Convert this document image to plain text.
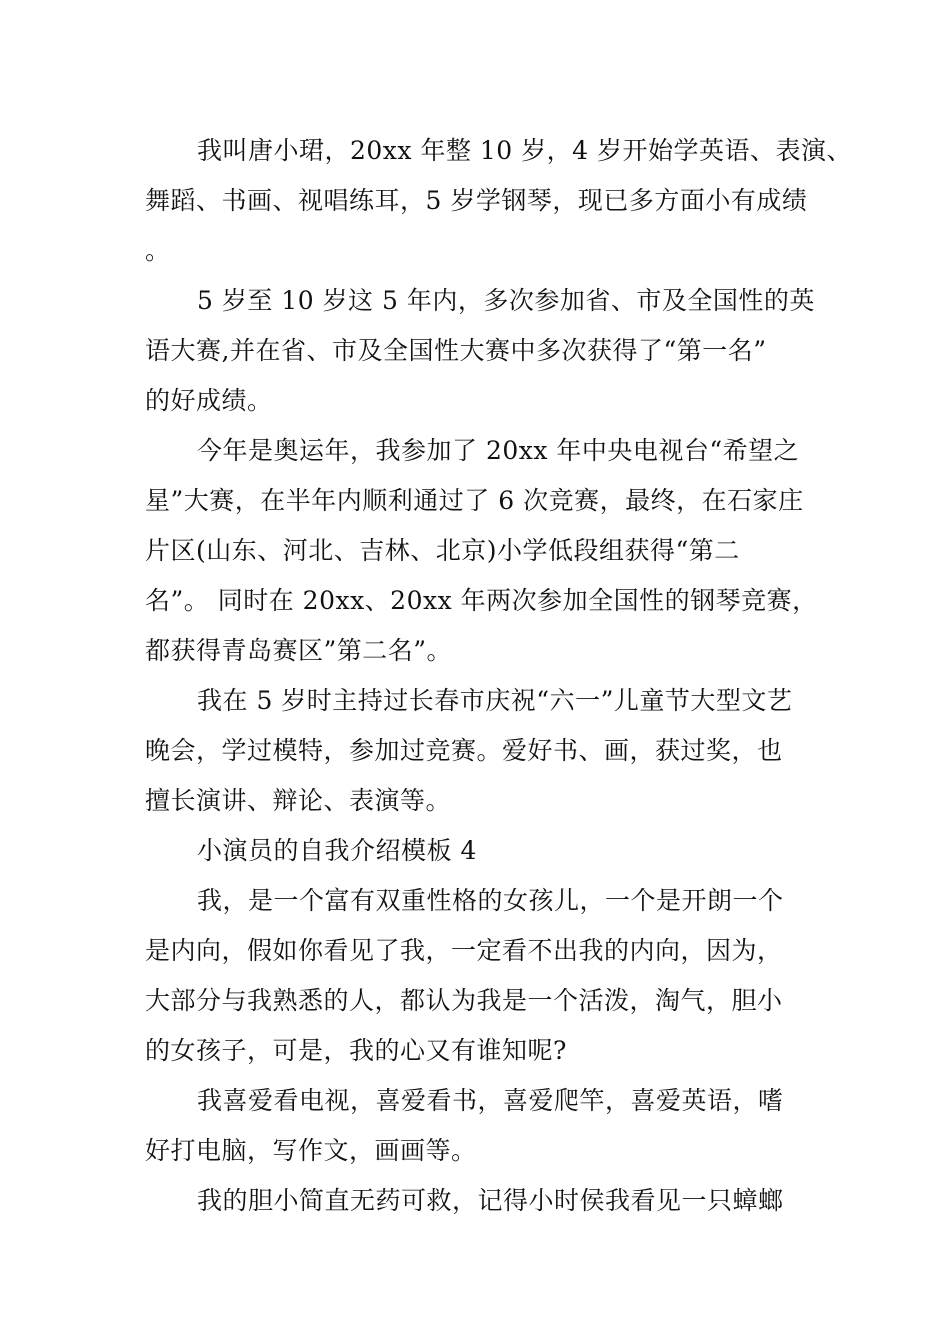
我叫唐小珺，20xx 年整 10 岁，4 岁开始学英语、表演、

舞蹈、书画、视唱练耳，5 岁学钢琴，现已多方面小有成绩

。

5 岁至 10 岁这 5 年内，多次参加省、市及全国性的英

语大赛,并在省、市及全国性大赛中多次获得了“第一名”

的好成绩。

今年是奥运年，我参加了 20xx 年中央电视台“希望之

星”大赛，在半年内顺利通过了 6 次竞赛，最终，在石家庄

片区(山东、河北、吉林、北京)小学低段组获得“第二

名”。 同时在 20xx、20xx 年两次参加全国性的钢琴竞赛，

都获得青岛赛区”第二名”。

我在 5 岁时主持过长春市庆祝“六一”儿童节大型文艺

晚会，学过模特，参加过竞赛。爱好书、画，获过奖，也

擅长演讲、辩论、表演等。

小演员的自我介绍模板 4

我，是一个富有双重性格的女孩儿，一个是开朗一个

是内向，假如你看见了我，一定看不出我的内向，因为，

大部分与我熟悉的人，都认为我是一个活泼，淘气，胆小

的女孩子，可是，我的心又有谁知呢?

我喜爱看电视，喜爱看书，喜爱爬竿，喜爱英语，嗜

好打电脑，写作文，画画等。

我的胆小简直无药可救，记得小时侯我看见一只蟑螂
